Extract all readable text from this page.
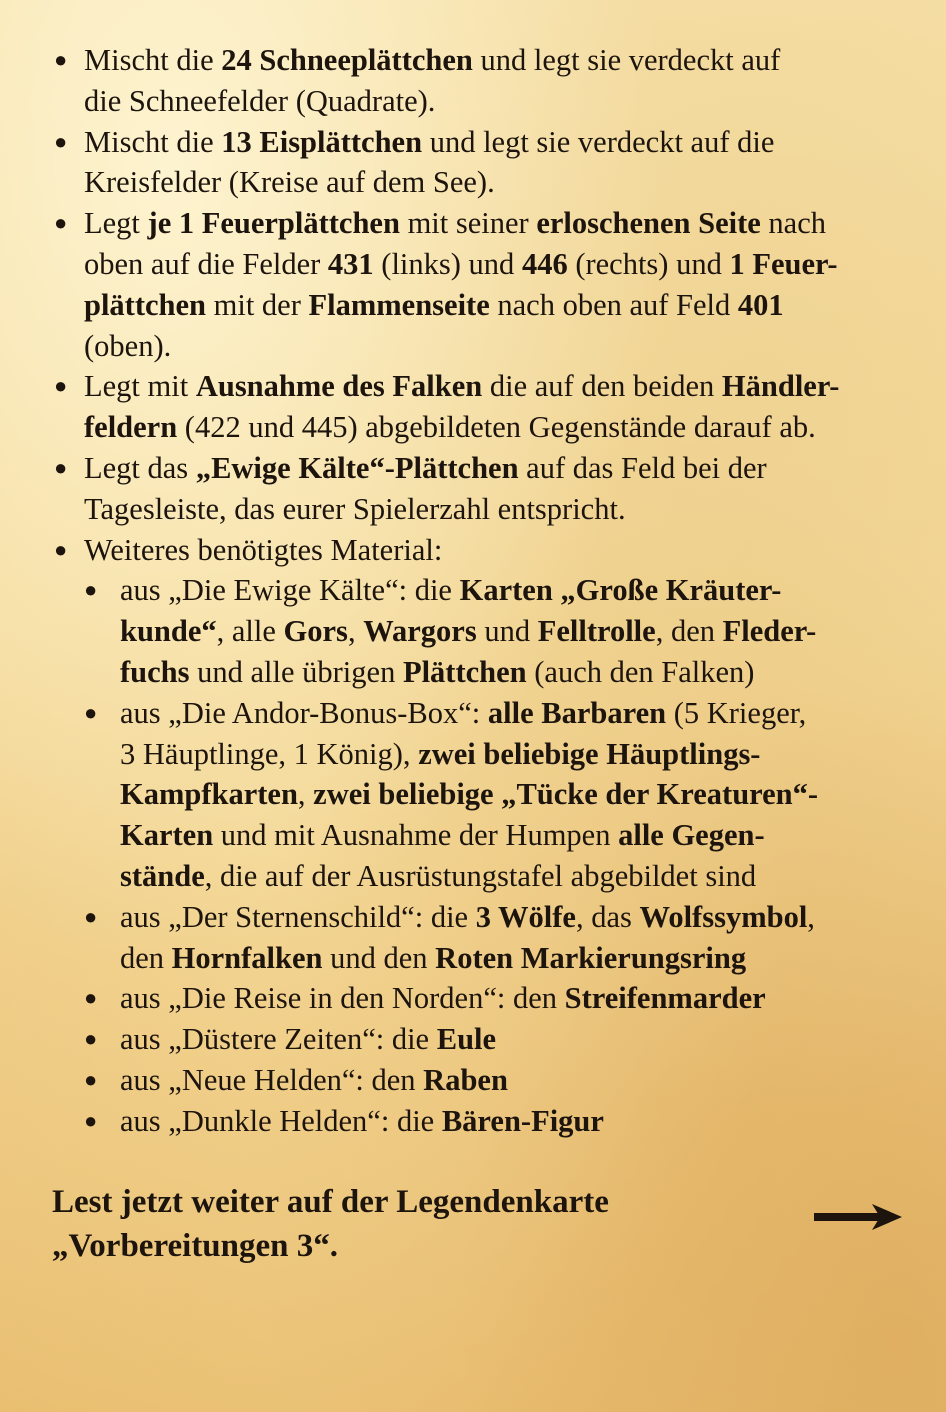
● Mischt die 24 Schneeplättchen und legt sie verdeckt auf
die Schneefelder (Quadrate).
● Mischt die 13 Eisplättchen und legt sie verdeckt auf die
Kreisfelder (Kreise auf dem See).
● Legt je 1 Feuerplättchen mit seiner erloschenen Seite nach
oben auf die Felder 431 (links) und 446 (rechts) und 1 Feuer-
plättchen mit der Flammenseite nach oben auf Feld 401
(oben).
● Legt mit Ausnahme des Falken die auf den beiden Händler-
feldern (422 und 445) abgebildeten Gegenstände darauf ab.
● Legt das „Ewige Kälte“-Plättchen auf das Feld bei der
Tagesleiste, das eurer Spielerzahl entspricht.
● Weiteres benötigtes Material:
● aus „Die Ewige Kälte“: die Karten „Große Kräuter-
kunde“, alle Gors, Wargors und Felltrolle, den Fleder-
fuchs und alle übrigen Plättchen (auch den Falken)
● aus „Die Andor-Bonus-Box“: alle Barbaren (5 Krieger,
3 Häuptlinge, 1 König), zwei beliebige Häuptlings-
Kampfkarten, zwei beliebige „Tücke der Kreaturen“-
Karten und mit Ausnahme der Humpen alle Gegen-
stände, die auf der Ausrüstungstafel abgebildet sind
● aus „Der Sternenschild“: die 3 Wölfe, das Wolfssymbol,
den Hornfalken und den Roten Markierungsring
● aus „Die Reise in den Norden“: den Streifenmarder
● aus „Düstere Zeiten“: die Eule
● aus „Neue Helden“: den Raben
● aus „Dunkle Helden“: die Bären-Figur
Lest jetzt weiter auf der Legendenkarte
„Vorbereitungen 3“.
